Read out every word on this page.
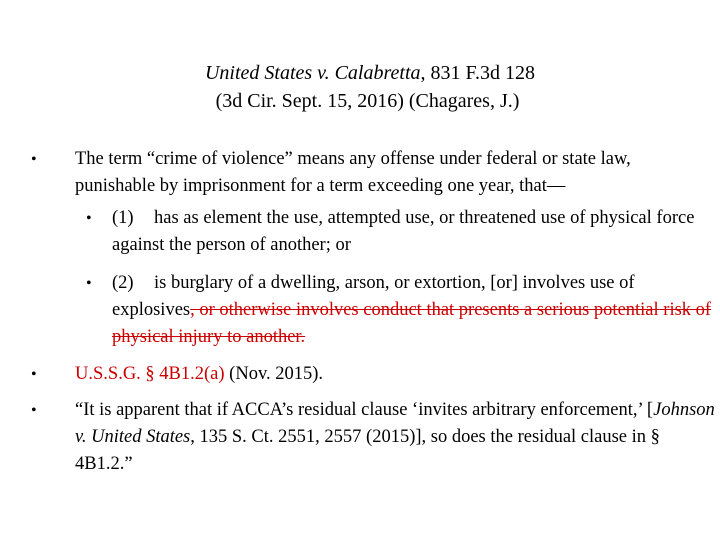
United States v. Calabretta, 831 F.3d 128
(3d Cir. Sept. 15, 2016) (Chagares, J.)
• The term “crime of violence” means any offense under federal or state law, punishable by imprisonment for a term exceeding one year, that—
• (1) has as element the use, attempted use, or threatened use of physical force against the person of another; or
• (2) is burglary of a dwelling, arson, or extortion, [or] involves use of explosives, or otherwise involves conduct that presents a serious potential risk of physical injury to another.
• U.S.S.G. § 4B1.2(a) (Nov. 2015).
• “It is apparent that if ACCA’s residual clause ‘invites arbitrary enforcement,’ [Johnson v. United States, 135 S. Ct. 2551, 2557 (2015)], so does the residual clause in § 4B1.2.”
